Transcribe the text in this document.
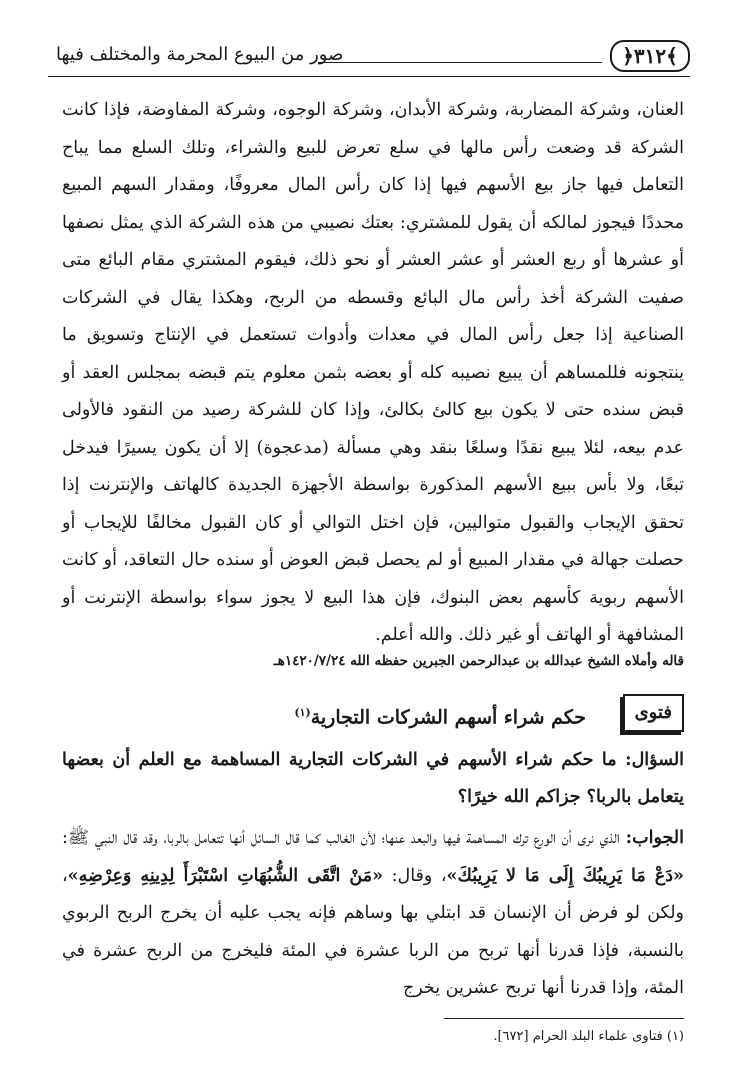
﴿٣١٢﴾
صور من البيوع المحرمة والمختلف فيها

العنان، وشركة المضاربة، وشركة الأبدان، وشركة الوجوه، وشركة المفاوضة، فإذا كانت الشركة قد وضعت رأس مالها في سلع تعرض للبيع والشراء، وتلك السلع مما يباح التعامل فيها جاز بيع الأسهم فيها إذا كان رأس المال معروفًا، ومقدار السهم المبيع محددًا فيجوز لمالكه أن يقول للمشتري: بعتك نصيبي من هذه الشركة الذي يمثل نصفها أو عشرها أو ربع العشر أو عشر العشر أو نحو ذلك، فيقوم المشتري مقام البائع متى صفيت الشركة أخذ رأس مال البائع وقسطه من الربح، وهكذا يقال في الشركات الصناعية إذا جعل رأس المال في معدات وأدوات تستعمل في الإنتاج وتسويق ما ينتجونه فللمساهم أن يبيع نصيبه كله أو بعضه بثمن معلوم يتم قبضه بمجلس العقد أو قبض سنده حتى لا يكون بيع كالئ بكالئ، وإذا كان للشركة رصيد من النقود فالأولى عدم بيعه، لئلا يبيع نقدًا وسلعًا بنقد وهي مسألة (مدعجوة) إلا أن يكون يسيرًا فيدخل تبعًا، ولا بأس ببيع الأسهم المذكورة بواسطة الأجهزة الجديدة كالهاتف والإنترنت إذا تحقق الإيجاب والقبول متواليين، فإن اختل التوالي أو كان القبول مخالفًا للإيجاب أو حصلت جهالة في مقدار المبيع أو لم يحصل قبض العوض أو سنده حال التعاقد، أو كانت الأسهم ربوية كأسهم بعض البنوك، فإن هذا البيع لا يجوز سواء بواسطة الإنترنت أو المشافهة أو الهاتف أو غير ذلك. والله أعلم.

قاله وأملاه الشيخ عبدالله بن عبدالرحمن الجبرين حفظه الله ١٤٢٠/٧/٢٤هـ
فتوى
حكم شراء أسهم الشركات التجارية$^{(١)}$
السؤال: ما حكم شراء الأسهم في الشركات التجارية المساهمة مع العلم أن بعضها يتعامل بالربا؟ جزاكم الله خيرًا؟
الجواب: الذي نرى أن الورع ترك المساهمة فيها والبعد عنها؛ لأن الغالب كما قال السائل أنها تتعامل بالربا، وقد قال النبي ﷺ: «دَعْ مَا يَرِيبُكَ إِلَى مَا لا يَرِيبُكَ»، وقال: «مَنْ اتَّقَى الشُّبُهَاتِ اسْتَبْرَأَ لِدِينِهِ وَعِرْضِهِ»، ولكن لو فرض أن الإنسان قد ابتلي بها وساهم فإنه يجب عليه أن يخرج الربح الربوي بالنسبة، فإذا قدرنا أنها تربح من الربا عشرة في المئة فليخرج من الربح عشرة في المئة، وإذا قدرنا أنها تربح عشرين يخرج
(١) فتاوى علماء البلد الحرام [٦٧٢].
